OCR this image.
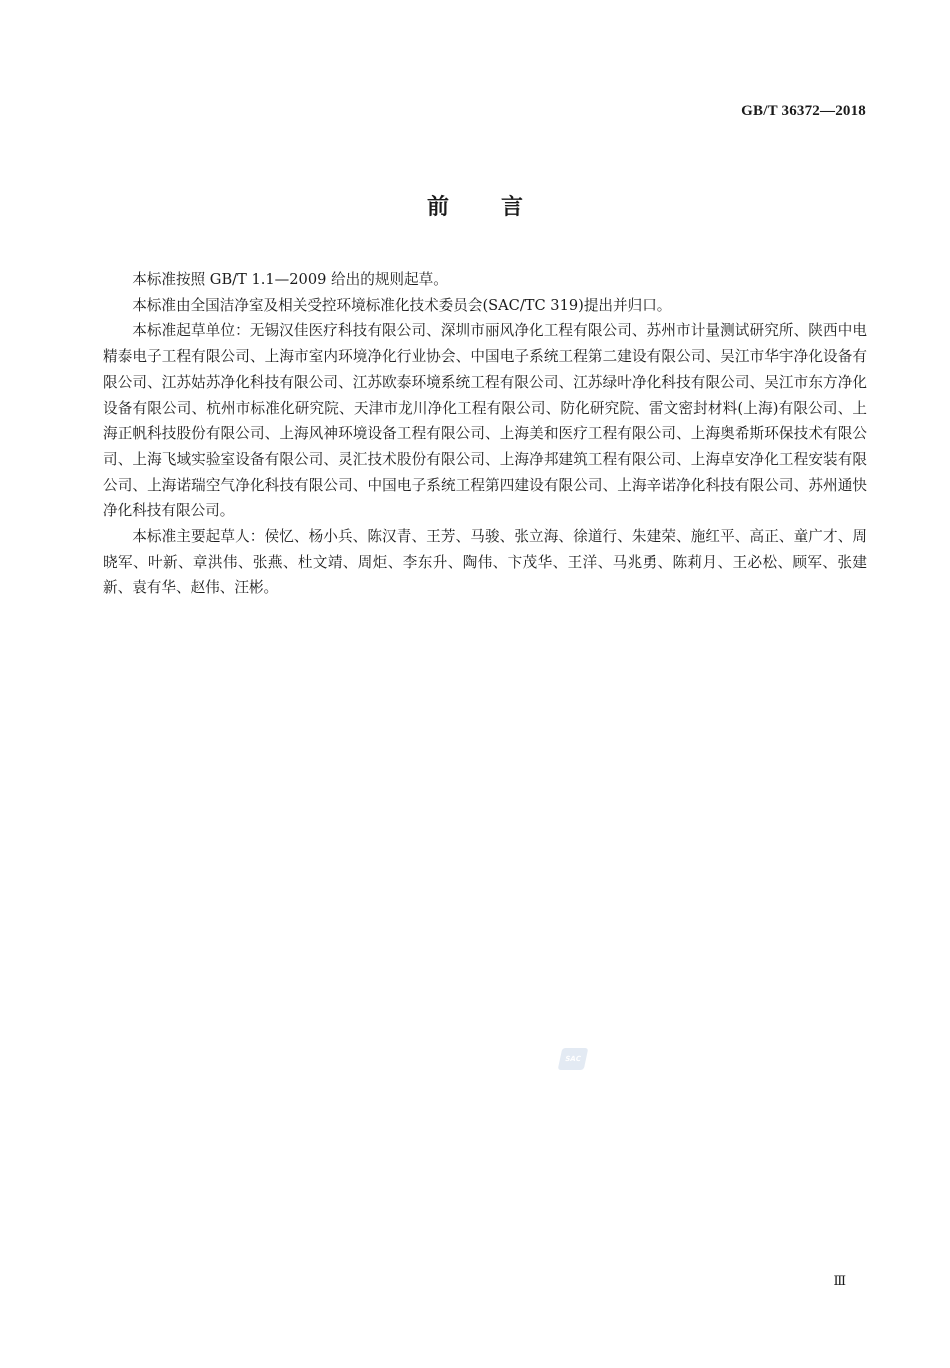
GB/T 36372—2018
前言

本标准按照 GB/T 1.1—2009 给出的规则起草。

本标准由全国洁净室及相关受控环境标准化技术委员会(SAC/TC 319)提出并归口。

本标准起草单位：无锡汉佳医疗科技有限公司、深圳市丽风净化工程有限公司、苏州市计量测试研究所、陕西中电精泰电子工程有限公司、上海市室内环境净化行业协会、中国电子系统工程第二建设有限公司、吴江市华宇净化设备有限公司、江苏姑苏净化科技有限公司、江苏欧泰环境系统工程有限公司、江苏绿叶净化科技有限公司、吴江市东方净化设备有限公司、杭州市标准化研究院、天津市龙川净化工程有限公司、防化研究院、雷文密封材料(上海)有限公司、上海正帆科技股份有限公司、上海风神环境设备工程有限公司、上海美和医疗工程有限公司、上海奥希斯环保技术有限公司、上海飞域实验室设备有限公司、灵汇技术股份有限公司、上海净邦建筑工程有限公司、上海卓安净化工程安装有限公司、上海诺瑞空气净化科技有限公司、中国电子系统工程第四建设有限公司、上海辛诺净化科技有限公司、苏州通快净化科技有限公司。

本标准主要起草人：侯忆、杨小兵、陈汉青、王芳、马骏、张立海、徐道行、朱建荣、施红平、高正、童广才、周晓军、叶新、章洪伟、张燕、杜文靖、周炬、李东升、陶伟、卞茂华、王洋、马兆勇、陈莉月、王必松、顾军、张建新、袁有华、赵伟、汪彬。

SAC
Ⅲ
